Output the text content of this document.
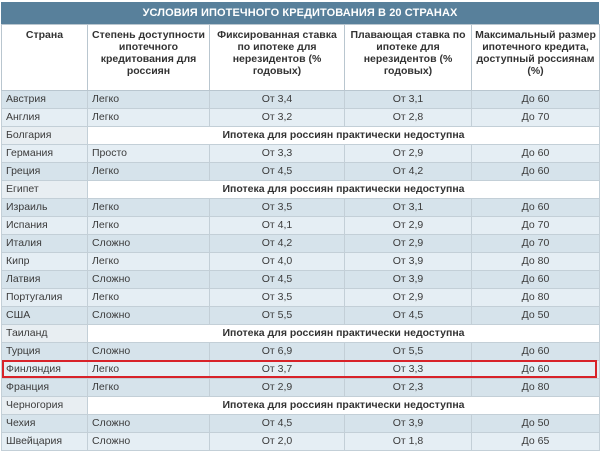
УСЛОВИЯ ИПОТЕЧНОГО КРЕДИТОВАНИЯ В 20 СТРАНАХ
Страна	Степень доступности ипотечного кредитования для россиян	Фиксированная ставка по ипотеке для нерезидентов (% годовых)	Плавающая ставка по ипотеке для нерезидентов (% годовых)	Максимальный размер ипотечного кредита, доступный россиянам (%)
Австрия	Легко	От 3,4	От 3,1	До 60
Англия	Легко	От 3,2	От 2,8	До 70
Болгария	Ипотека для россиян практически недоступна			
Германия	Просто	От 3,3	От 2,9	До 60
Греция	Легко	От 4,5	От 4,2	До 60
Египет	Ипотека для россиян практически недоступна			
Израиль	Легко	От 3,5	От 3,1	До 60
Испания	Легко	От 4,1	От 2,9	До 70
Италия	Сложно	От 4,2	От 2,9	До 70
Кипр	Легко	От 4,0	От 3,9	До 80
Латвия	Сложно	От 4,5	От 3,9	До 60
Португалия	Легко	От 3,5	От 2,9	До 80
США	Сложно	От 5,5	От 4,5	До 50
Таиланд	Ипотека для россиян практически недоступна			
Турция	Сложно	От 6,9	От 5,5	До 60
Финляндия	Легко	От 3,7	От 3,3	До 60
Франция	Легко	От 2,9	От 2,3	До 80
Черногория	Ипотека для россиян практически недоступна			
Чехия	Сложно	От 4,5	От 3,9	До 50
Швейцария	Сложно	От 2,0	От 1,8	До 65
